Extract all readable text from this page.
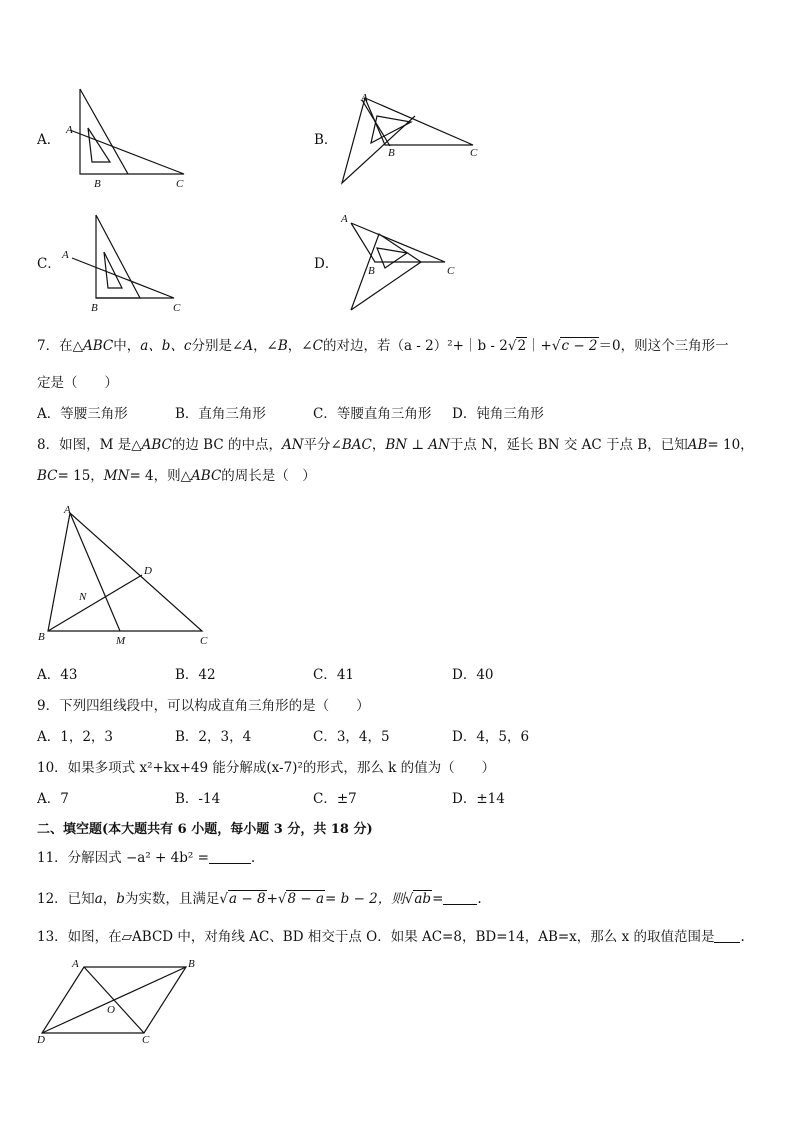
A．
A
B	C
B．
A
B	C
C．
A
B	C
D．
A
B	C
7．在△ABC中，a、b、c分别是∠A，∠B，∠C的对边，若（a - 2）²+｜b - 2√2｜+√c − 2＝0，则这个三角形一
定是（　　）
A．等腰三角形	B．直角三角形	C．等腰直角三角形 D．钝角三角形
8．如图，M 是△ABC的边 BC 的中点，AN平分∠BAC，BN ⊥ AN于点 N，延长 BN 交 AC 于点 B，已知AB= 10，
BC= 15，MN= 4，则△ABC的周长是（　）
A
B	C
D
M
N
A．43	B．42	C．41	D．40
9．下列四组线段中，可以构成直角三角形的是（　　）
A．1，2，3	B．2，3，4	C．3，4，5	D．4，5，6
10．如果多项式 x²+kx+49 能分解成(x-7)²的形式，那么 k 的值为（　　）
A．7	B．-14	C．±7	D．±14
二、填空题(本大题共有 6 小题，每小题 3 分，共 18 分)
11．分解因式 −a² + 4b² =	.
12．已知a，b为实数，且满足√a − 8+√8 − a= b − 2，则√ab=	.
13．如图，在▱ABCD 中，对角线 AC、BD 相交于点 O．如果 AC=8，BD=14，AB=x，那么 x 的取值范围是 .
A	B
C
D
O
